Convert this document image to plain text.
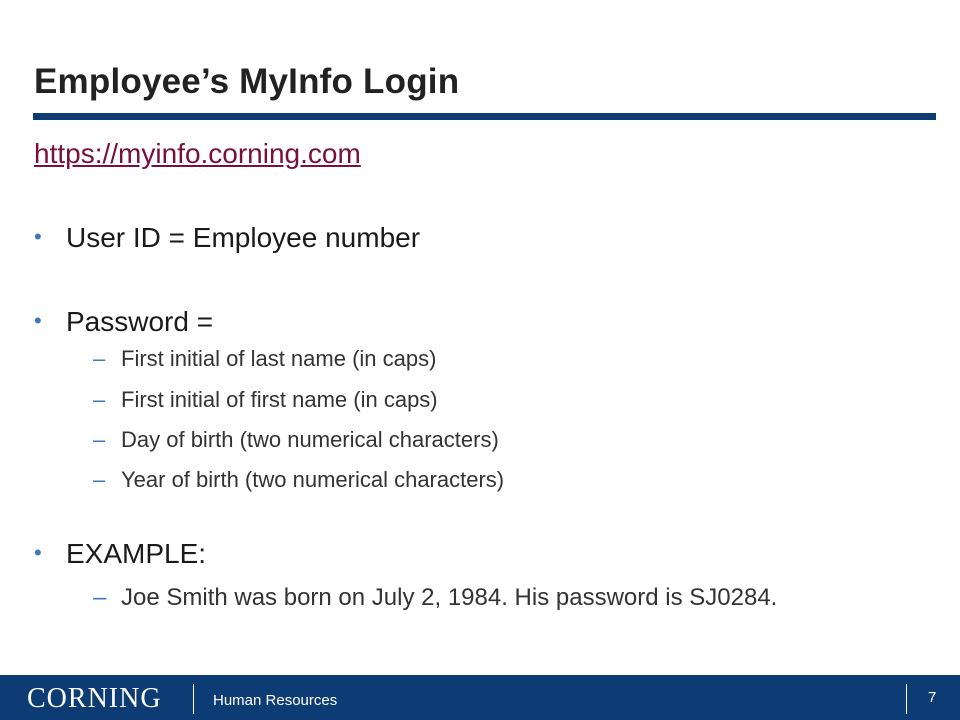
Employee’s MyInfo Login
https://myinfo.corning.com
• User ID = Employee number
• Password =
– First initial of last name (in caps)
– First initial of first name (in caps)
– Day of birth (two numerical characters)
– Year of birth (two numerical characters)
• EXAMPLE:
– Joe Smith was born on July 2, 1984. His password is SJ0284.
CORNING	Human Resources	7
